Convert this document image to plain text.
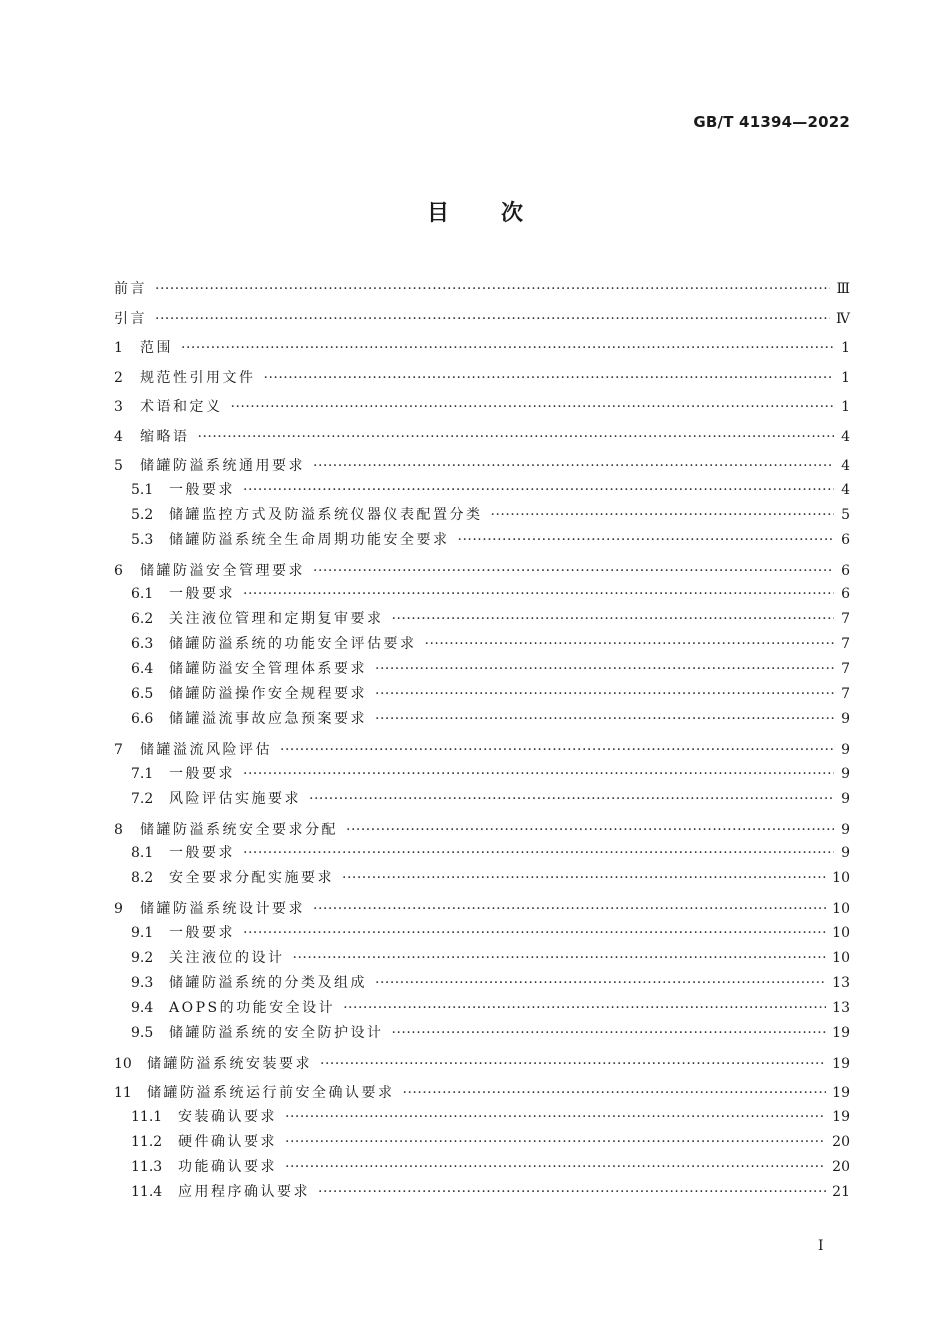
GB/T 41394—2022
目次
前言 ·····	Ⅲ
引言 ·····	Ⅳ
1	范围 ·····	1
2	规范性引用文件 ·····	1
3	术语和定义 ·····	1
4	缩略语 ·····	4
5	储罐防溢系统通用要求 ·····	4
5.1	一般要求 ·····	4
5.2	储罐监控方式及防溢系统仪器仪表配置分类 ·····	5
5.3	储罐防溢系统全生命周期功能安全要求 ·····	6
6	储罐防溢安全管理要求 ·····	6
6.1	一般要求 ·····	6
6.2	关注液位管理和定期复审要求 ·····	7
6.3	储罐防溢系统的功能安全评估要求 ·····	7
6.4	储罐防溢安全管理体系要求 ·····	7
6.5	储罐防溢操作安全规程要求 ·····	7
6.6	储罐溢流事故应急预案要求 ·····	9
7	储罐溢流风险评估 ·····	9
7.1	一般要求 ·····	9
7.2	风险评估实施要求 ·····	9
8	储罐防溢系统安全要求分配 ·····	9
8.1	一般要求 ·····	9
8.2	安全要求分配实施要求 ·····	10
9	储罐防溢系统设计要求 ·····	10
9.1	一般要求 ·····	10
9.2	关注液位的设计 ·····	10
9.3	储罐防溢系统的分类及组成 ·····	13
9.4	AOPS的功能安全设计 ·····	13
9.5	储罐防溢系统的安全防护设计 ·····	19
10	储罐防溢系统安装要求 ·····	19
11	储罐防溢系统运行前安全确认要求 ·····	19
11.1	安装确认要求 ·····	19
11.2	硬件确认要求 ·····	20
11.3	功能确认要求 ·····	20
11.4	应用程序确认要求 ·····	21
I
